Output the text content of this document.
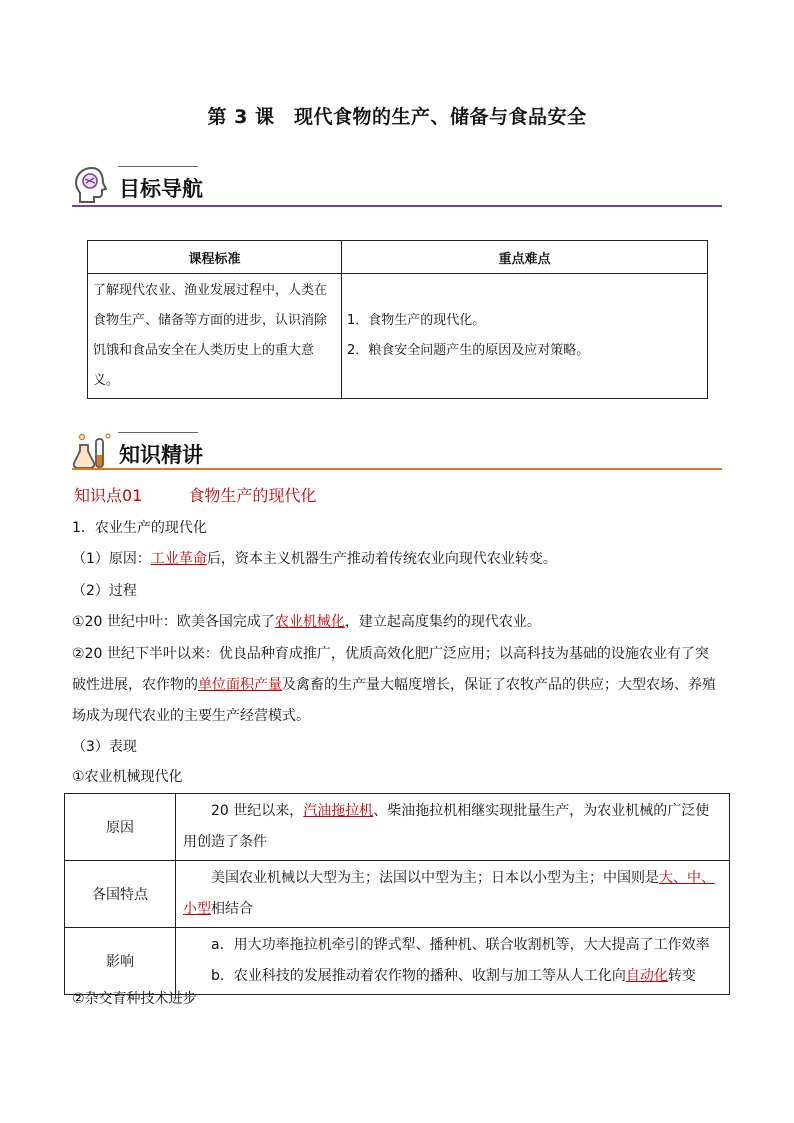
第 3 课　现代食物的生产、储备与食品安全
目标导航
课程标准	重点难点
了解现代农业、渔业发展过程中，人类在食物生产、储备等方面的进步，认识消除饥饿和食品安全在人类历史上的重大意义。	1．食物生产的现代化。
2．粮食安全问题产生的原因及应对策略。
知识精讲
知识点01	食物生产的现代化
1．农业生产的现代化
（1）原因：工业革命后，资本主义机器生产推动着传统农业向现代农业转变。
（2）过程
①20 世纪中叶：欧美各国完成了农业机械化，建立起高度集约的现代农业。
②20 世纪下半叶以来：优良品种育成推广，优质高效化肥广泛应用；以高科技为基础的设施农业有了突破性进展，农作物的单位面积产量及禽畜的生产量大幅度增长，保证了农牧产品的供应；大型农场、养殖场成为现代农业的主要生产经营模式。
（3）表现
①农业机械现代化
原因	20 世纪以来，汽油拖拉机、柴油拖拉机相继实现批量生产，为农业机械的广泛使用创造了条件
各国特点	美国农业机械以大型为主；法国以中型为主；日本以小型为主；中国则是大、中、小型相结合
影响	a．用大功率拖拉机牵引的铧式犁、播种机、联合收割机等，大大提高了工作效率
b．农业科技的发展推动着农作物的播种、收割与加工等从人工化向自动化转变
②杂交育种技术进步
